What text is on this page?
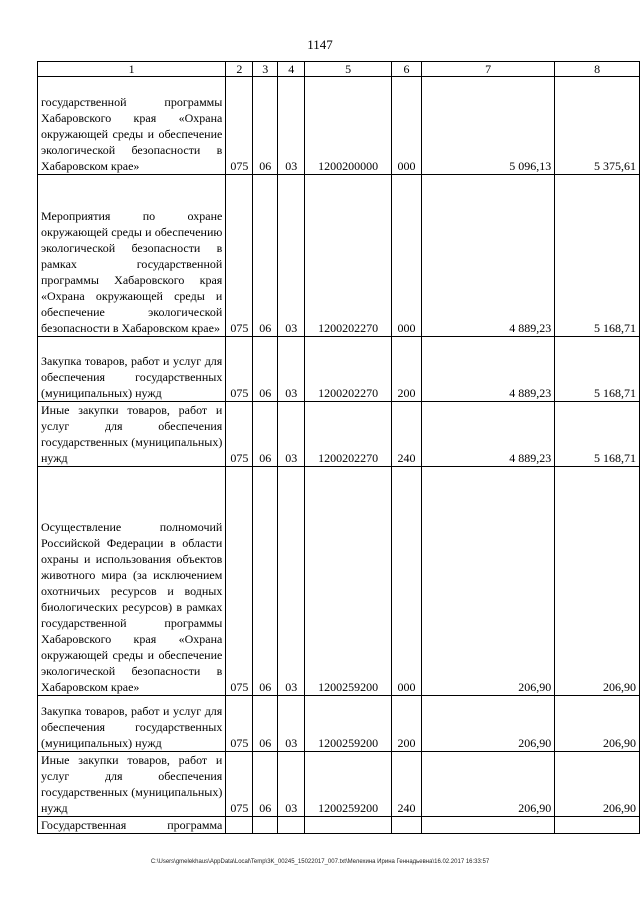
1147
1	2	3	4	5	6	7	8
государственной программы Хабаровского края «Охрана окружающей среды и обеспечение экологической безопасности в Хабаровском крае»	075	06	03	1200200000	000	5 096,13	5 375,61
Мероприятия по охране окружающей среды и обеспечению экологической безопасности в рамках государственной программы Хабаровского края «Охрана окружающей среды и обеспечение экологической безопасности в Хабаровском крае»	075	06	03	1200202270	000	4 889,23	5 168,71
Закупка товаров, работ и услуг для обеспечения государственных (муниципальных) нужд	075	06	03	1200202270	200	4 889,23	5 168,71
Иные закупки товаров, работ и услуг для обеспечения государственных (муниципальных) нужд	075	06	03	1200202270	240	4 889,23	5 168,71
Осуществление полномочий Российской Федерации в области охраны и использования объектов животного мира (за исключением охотничьих ресурсов и водных биологических ресурсов) в рамках государственной программы Хабаровского края «Охрана окружающей среды и обеспечение экологической безопасности в Хабаровском крае»	075	06	03	1200259200	000	206,90	206,90
Закупка товаров, работ и услуг для обеспечения государственных (муниципальных) нужд	075	06	03	1200259200	200	206,90	206,90
Иные закупки товаров, работ и услуг для обеспечения государственных (муниципальных) нужд	075	06	03	1200259200	240	206,90	206,90
Государственная программа							
C:\Users\gmelekhaus\AppData\Local\Temp\3K_00245_15022017_007.txt\Мелехина Ирина Геннадьевна\16.02.2017 16:33:57
